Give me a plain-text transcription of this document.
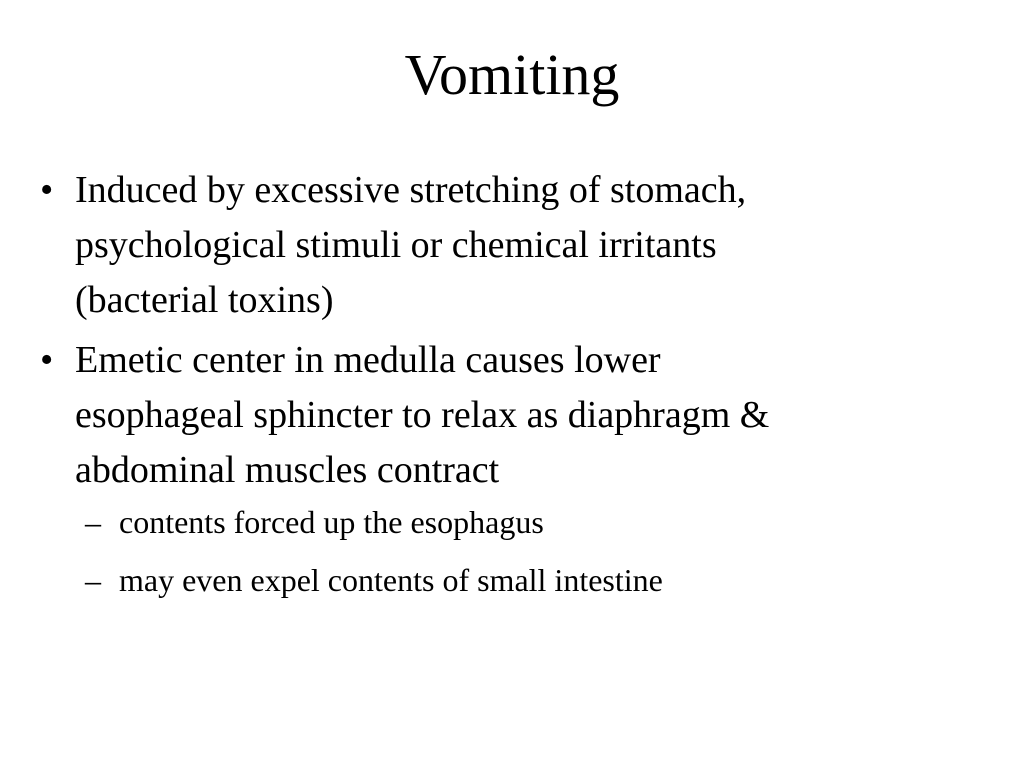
Vomiting
• Induced by excessive stretching of stomach,
psychological stimuli or chemical irritants
(bacterial toxins)
• Emetic center in medulla causes lower
esophageal sphincter to relax as diaphragm &
abdominal muscles contract
– contents forced up the esophagus
– may even expel contents of small intestine
